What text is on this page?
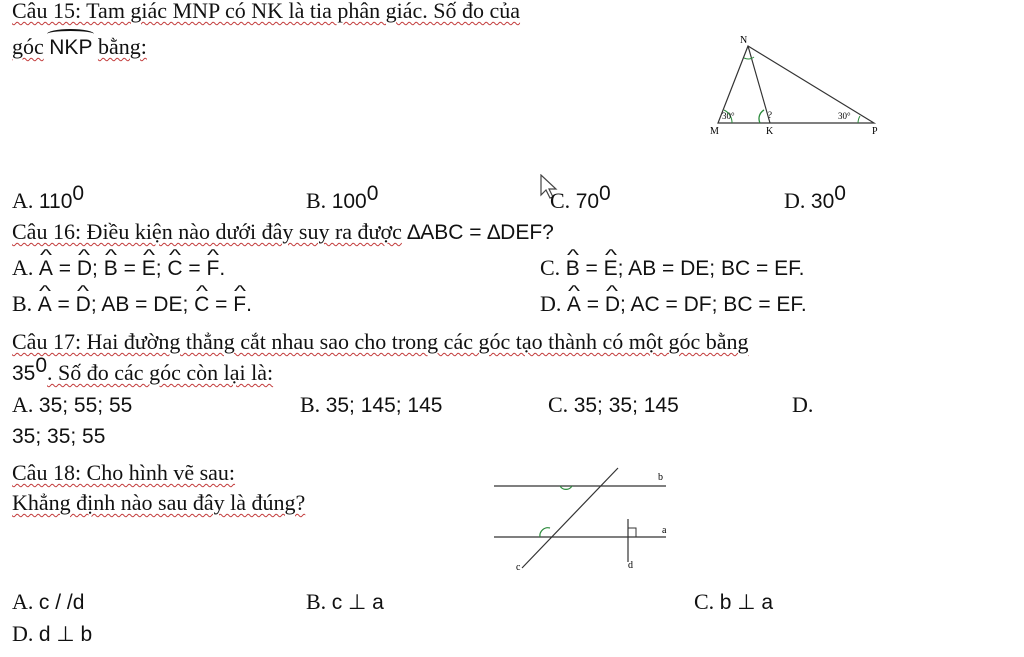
Câu 15: Tam giác MNP có NK là tia phân giác. Số đo của
góc NKP bằng:	N
M	K	P
30°	30°
?
A. $110^0$	B. $100^0$	C. $70^0$	D. $30^0$
Câu 16: Điều kiện nào dưới đây suy ra được ∆ABC = ∆DEF?
A. ^ A = ^ D; ^ B = ^ E; ^ C = ^ F.	C. ^ B = ^ E; AB = DE; BC = EF.
B. ^ A = ^ D; AB = DE; ^ C = ^ F.	D. ^ A = ^ D; AC = DF; BC = EF.
Câu 17: Hai đường thẳng cắt nhau sao cho trong các góc tạo thành có một góc bằng
$35^0$. Số đo các góc còn lại là:
A. 35; 55; 55	B. 35; 145; 145	C. 35; 35; 145	D.
35; 35; 55
Câu 18: Cho hình vẽ sau:
Khẳng định nào sau đây là đúng?
b
a
c	d
A. c / /d	B. c ⊥ a	C. b ⊥ a
D. d ⊥ b
